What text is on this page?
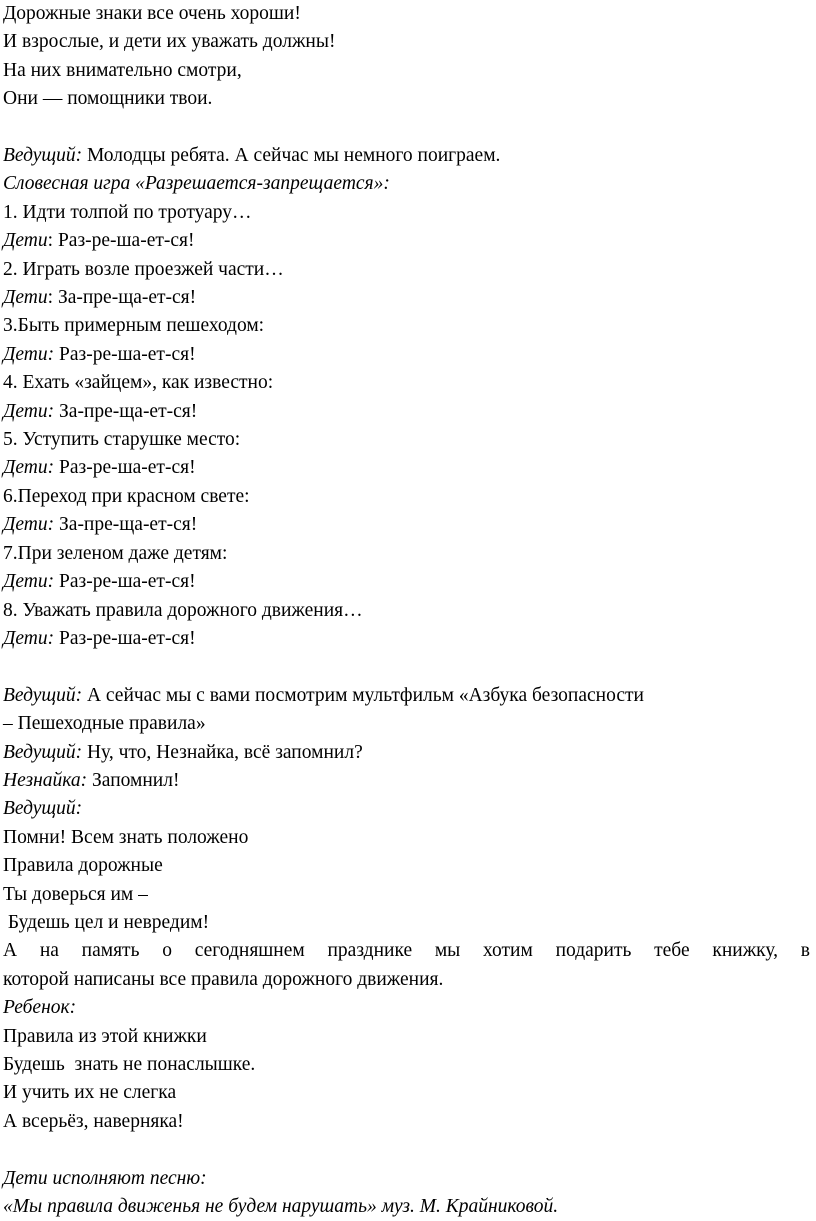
Дорожные знаки все очень хороши!
И взрослые, и дети их уважать должны!
На них внимательно смотри,
Они — помощники твои.
Ведущий: Молодцы ребята. А сейчас мы немного поиграем.
Словесная игра «Разрешается-запрещается»:
1. Идти толпой по тротуару…
Дети: Раз-ре-ша-ет-ся!
2. Играть возле проезжей части…
Дети: За-пре-ща-ет-ся!
3.Быть примерным пешеходом:
Дети: Раз-ре-ша-ет-ся!
4. Ехать «зайцем», как известно:
Дети: За-пре-ща-ет-ся!
5. Уступить старушке место:
Дети: Раз-ре-ша-ет-ся!
6.Переход при красном свете:
Дети: За-пре-ща-ет-ся!
7.При зеленом даже детям:
Дети: Раз-ре-ша-ет-ся!
8. Уважать правила дорожного движения…
Дети: Раз-ре-ша-ет-ся!
Ведущий: А сейчас мы с вами посмотрим мультфильм «Азбука безопасности
– Пешеходные правила»
Ведущий: Ну, что, Незнайка, всё запомнил?
Незнайка: Запомнил!
Ведущий:
Помни! Всем знать положено
Правила дорожные
Ты доверься им –
Будешь цел и невредим!
А на память о сегодняшнем празднике мы хотим подарить тебе книжку, в
которой написаны все правила дорожного движения.
Ребенок:
Правила из этой книжки
Будешь  знать не понаслышке.
И учить их не слегка
А всерьёз, наверняка!
Дети исполняют песню:
«Мы правила движенья не будем нарушать» муз. М. Крайниковой.
